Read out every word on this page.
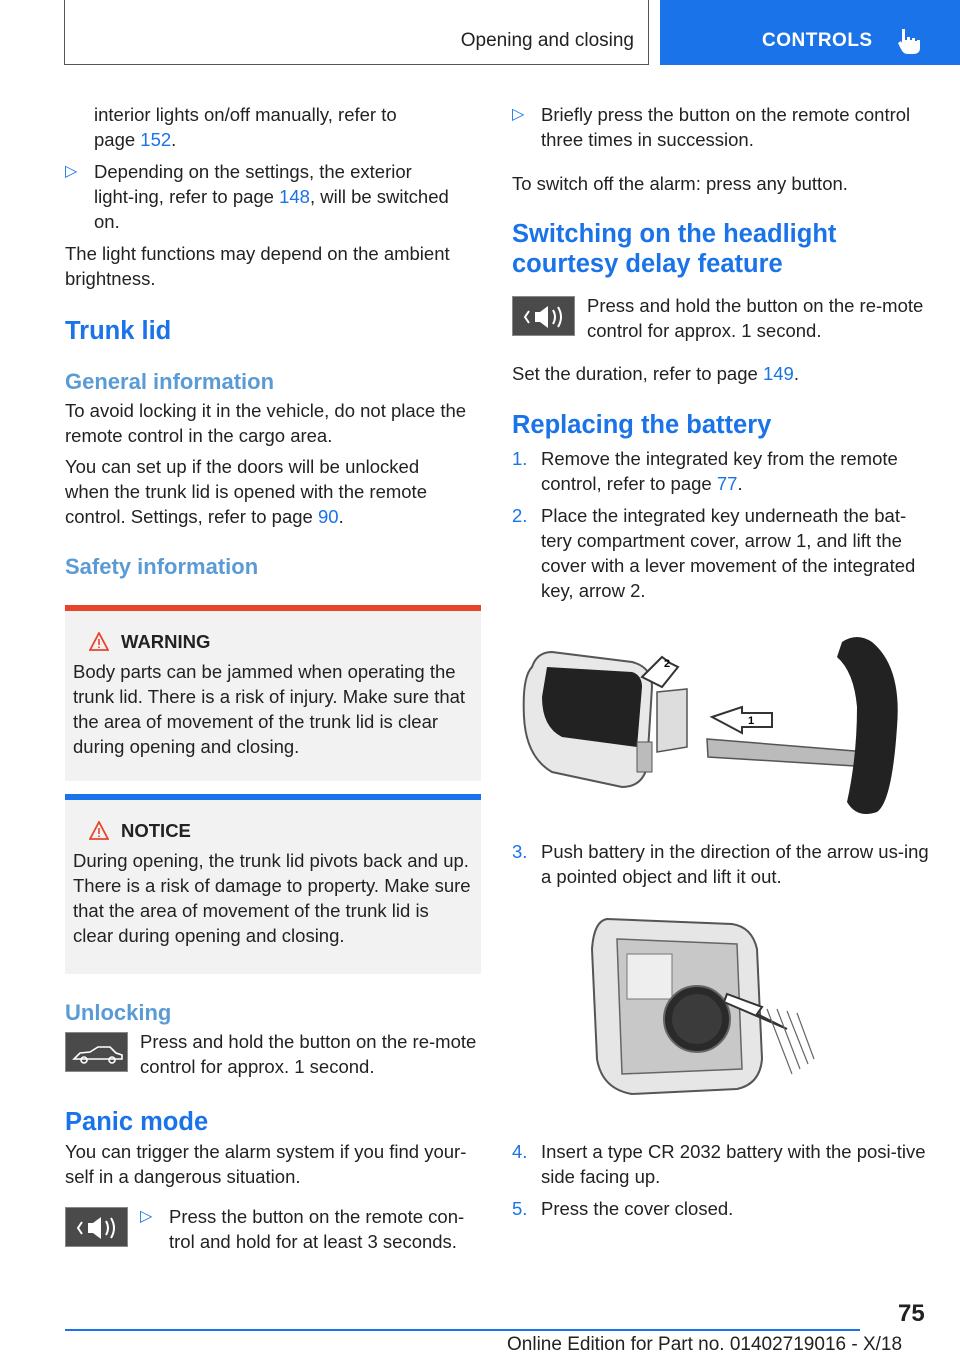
Opening and closing	CONTROLS

interior lights on/off manually, refer to
page 152.

▷ Depending on the settings, the exterior light-ing, refer to page 148, will be switched on.

The light functions may depend on the ambient brightness.

Trunk lid
General information

To avoid locking it in the vehicle, do not place the remote control in the cargo area.

You can set up if the doors will be unlocked when the trunk lid is opened with the remote control. Settings, refer to page 90.

Safety information
WARNING

Body parts can be jammed when operating the trunk lid. There is a risk of injury. Make sure that the area of movement of the trunk lid is clear during opening and closing.

NOTICE

During opening, the trunk lid pivots back and up. There is a risk of damage to property. Make sure that the area of movement of the trunk lid is clear during opening and closing.

Unlocking

Press and hold the button on the re-mote control for approx. 1 second.

Panic mode

You can trigger the alarm system if you find your-self in a dangerous situation.

▷ Press the button on the remote con-trol and hold for at least 3 seconds.
▷ Briefly press the button on the remote control three times in succession.

To switch off the alarm: press any button.

Switching on the headlight courtesy delay feature

Press and hold the button on the re-mote control for approx. 1 second.

Set the duration, refer to page 149.

Replacing the battery
1. Remove the integrated key from the remote control, refer to page 77.
2. Place the integrated key underneath the bat-tery compartment cover, arrow 1, and lift the cover with a lever movement of the integrated key, arrow 2.
2
1
3. Push battery in the direction of the arrow us-ing a pointed object and lift it out.
4. Insert a type CR 2032 battery with the posi-tive side facing up.
5. Press the cover closed.
75
Online Edition for Part no. 01402719016 - X/18
